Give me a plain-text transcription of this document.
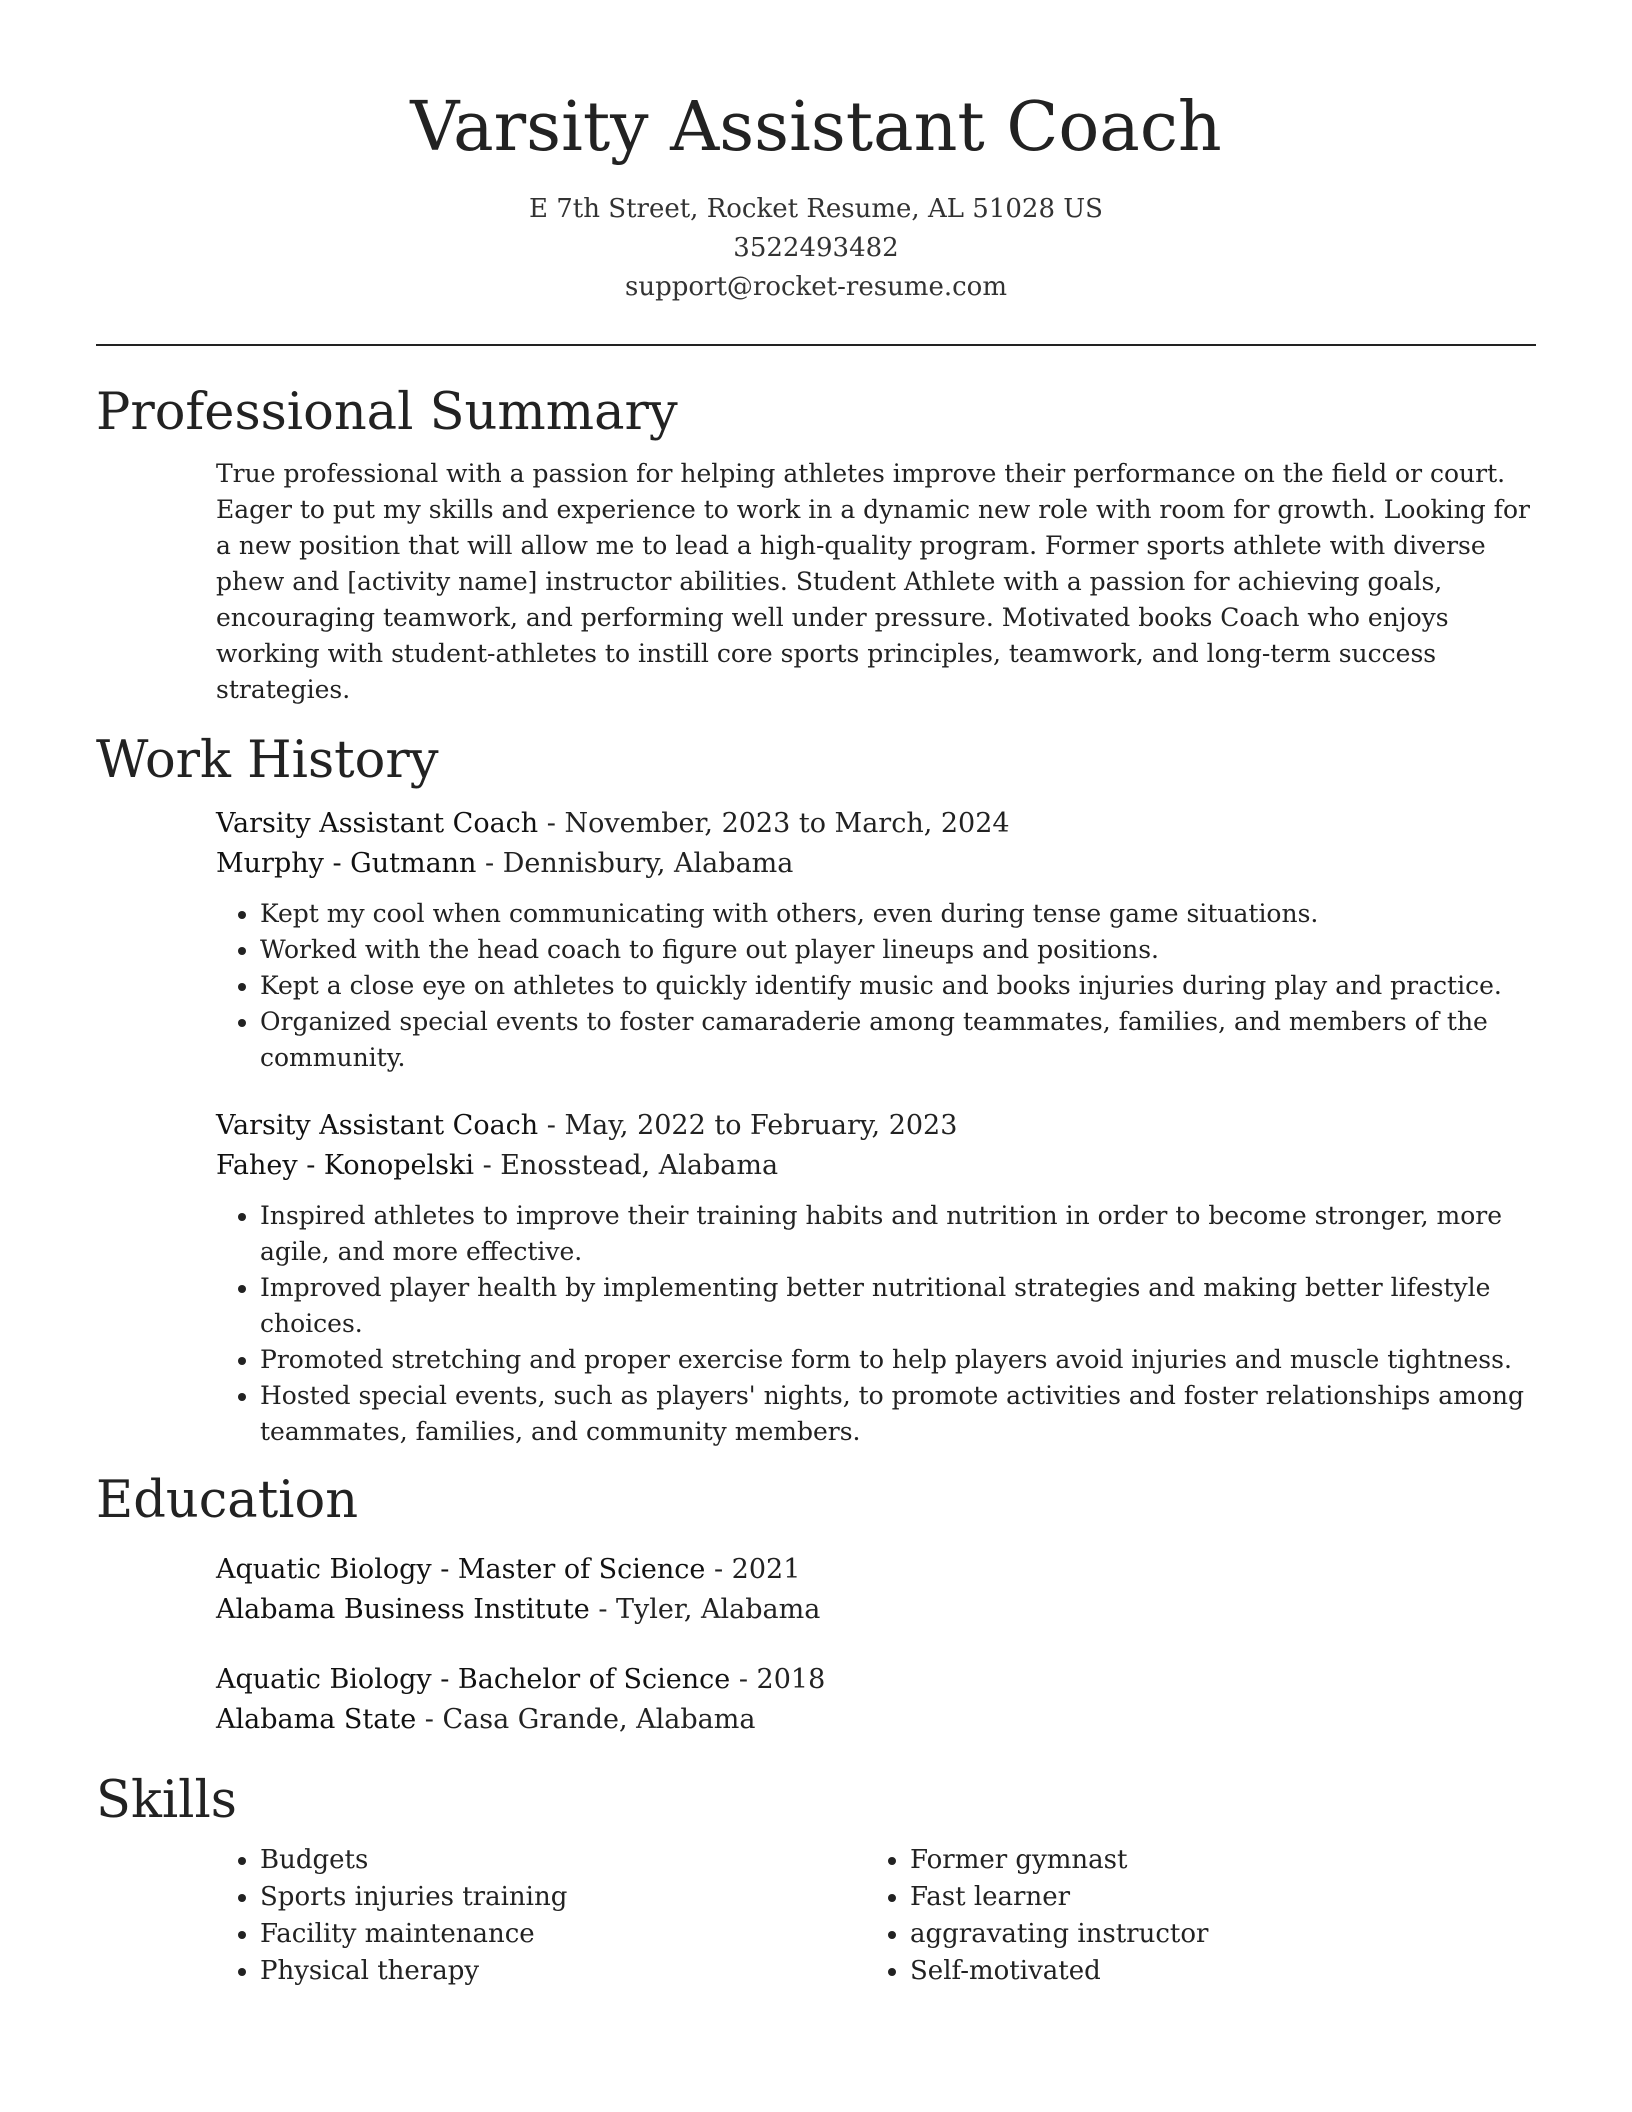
Varsity Assistant Coach
E 7th Street, Rocket Resume, AL 51028 US
3522493482
support@rocket-resume.com
Professional Summary
True professional with a passion for helping athletes improve their performance on the field or court. Eager to put my skills and experience to work in a dynamic new role with room for growth. Looking for a new position that will allow me to lead a high-quality program. Former sports athlete with diverse phew and [activity name] instructor abilities. Student Athlete with a passion for achieving goals, encouraging teamwork, and performing well under pressure. Motivated books Coach who enjoys working with student-athletes to instill core sports principles, teamwork, and long-term success strategies.
Work History
Varsity Assistant Coach - November, 2023 to March, 2024
Murphy - Gutmann - Dennisbury, Alabama
• Kept my cool when communicating with others, even during tense game situations.
• Worked with the head coach to figure out player lineups and positions.
• Kept a close eye on athletes to quickly identify music and books injuries during play and practice.
• Organized special events to foster camaraderie among teammates, families, and members of the community.
Varsity Assistant Coach - May, 2022 to February, 2023
Fahey - Konopelski - Enosstead, Alabama
• Inspired athletes to improve their training habits and nutrition in order to become stronger, more agile, and more effective.
• Improved player health by implementing better nutritional strategies and making better lifestyle choices.
• Promoted stretching and proper exercise form to help players avoid injuries and muscle tightness.
• Hosted special events, such as players' nights, to promote activities and foster relationships among teammates, families, and community members.
Education
Aquatic Biology - Master of Science - 2021
Alabama Business Institute - Tyler, Alabama
Aquatic Biology - Bachelor of Science - 2018
Alabama State - Casa Grande, Alabama
Skills
• Budgets
• Sports injuries training
• Facility maintenance
• Physical therapy
• Former gymnast
• Fast learner
• aggravating instructor
• Self-motivated
